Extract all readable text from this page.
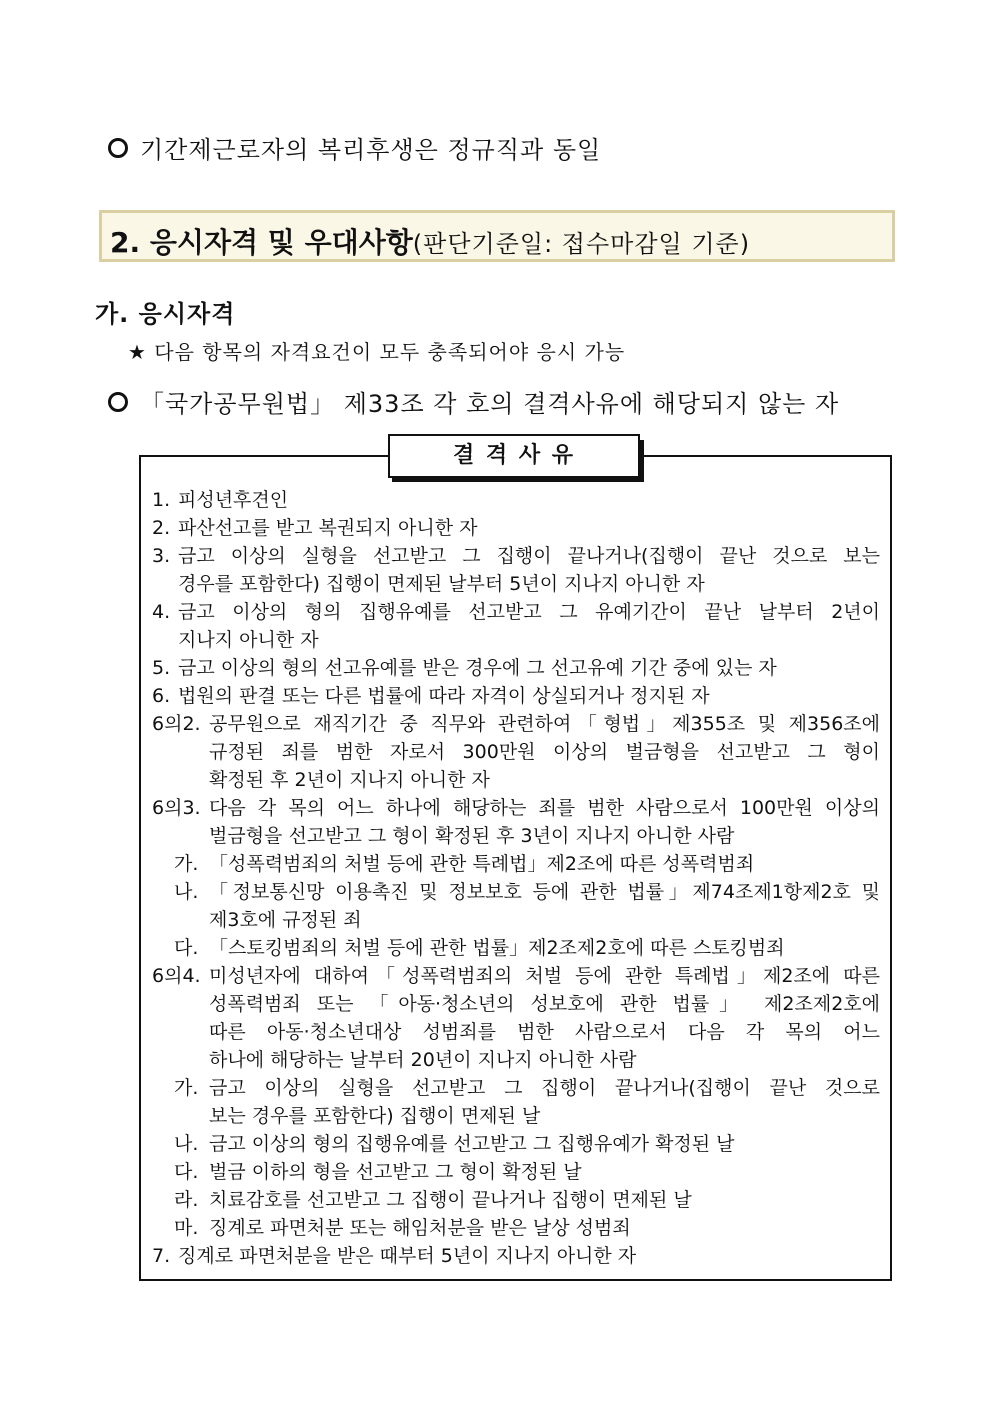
기간제근로자의 복리후생은 정규직과 동일
2. 응시자격 및 우대사항(판단기준일: 접수마감일 기준)
가. 응시자격
★ 다음 항목의 자격요건이 모두 충족되어야 응시 가능
「국가공무원법」 제33조 각 호의 결격사유에 해당되지 않는 자
결 격 사 유
1. 피성년후견인
2. 파산선고를 받고 복권되지 아니한 자
3. 금고 이상의 실형을 선고받고 그 집행이 끝나거나(집행이 끝난 것으로 보는
경우를 포함한다) 집행이 면제된 날부터 5년이 지나지 아니한 자
4. 금고 이상의 형의 집행유예를 선고받고 그 유예기간이 끝난 날부터 2년이
지나지 아니한 자
5. 금고 이상의 형의 선고유예를 받은 경우에 그 선고유예 기간 중에 있는 자
6. 법원의 판결 또는 다른 법률에 따라 자격이 상실되거나 정지된 자
6의2. 공무원으로 재직기간 중 직무와 관련하여「형법」제355조 및 제356조에
규정된 죄를 범한 자로서 300만원 이상의 벌금형을 선고받고 그 형이
확정된 후 2년이 지나지 아니한 자
6의3. 다음 각 목의 어느 하나에 해당하는 죄를 범한 사람으로서 100만원 이상의
벌금형을 선고받고 그 형이 확정된 후 3년이 지나지 아니한 사람
가. 「성폭력범죄의 처벌 등에 관한 특례법」제2조에 따른 성폭력범죄
나. 「정보통신망 이용촉진 및 정보보호 등에 관한 법률」제74조제1항제2호 및
제3호에 규정된 죄
다. 「스토킹범죄의 처벌 등에 관한 법률」제2조제2호에 따른 스토킹범죄
6의4. 미성년자에 대하여「성폭력범죄의 처벌 등에 관한 특례법」제2조에 따른
성폭력범죄 또는 「아동·청소년의 성보호에 관한 법률」 제2조제2호에
따른 아동·청소년대상 성범죄를 범한 사람으로서 다음 각 목의 어느
하나에 해당하는 날부터 20년이 지나지 아니한 사람
가. 금고 이상의 실형을 선고받고 그 집행이 끝나거나(집행이 끝난 것으로
보는 경우를 포함한다) 집행이 면제된 날
나. 금고 이상의 형의 집행유예를 선고받고 그 집행유예가 확정된 날
다. 벌금 이하의 형을 선고받고 그 형이 확정된 날
라. 치료감호를 선고받고 그 집행이 끝나거나 집행이 면제된 날
마. 징계로 파면처분 또는 해임처분을 받은 날상 성범죄
7. 징계로 파면처분을 받은 때부터 5년이 지나지 아니한 자
